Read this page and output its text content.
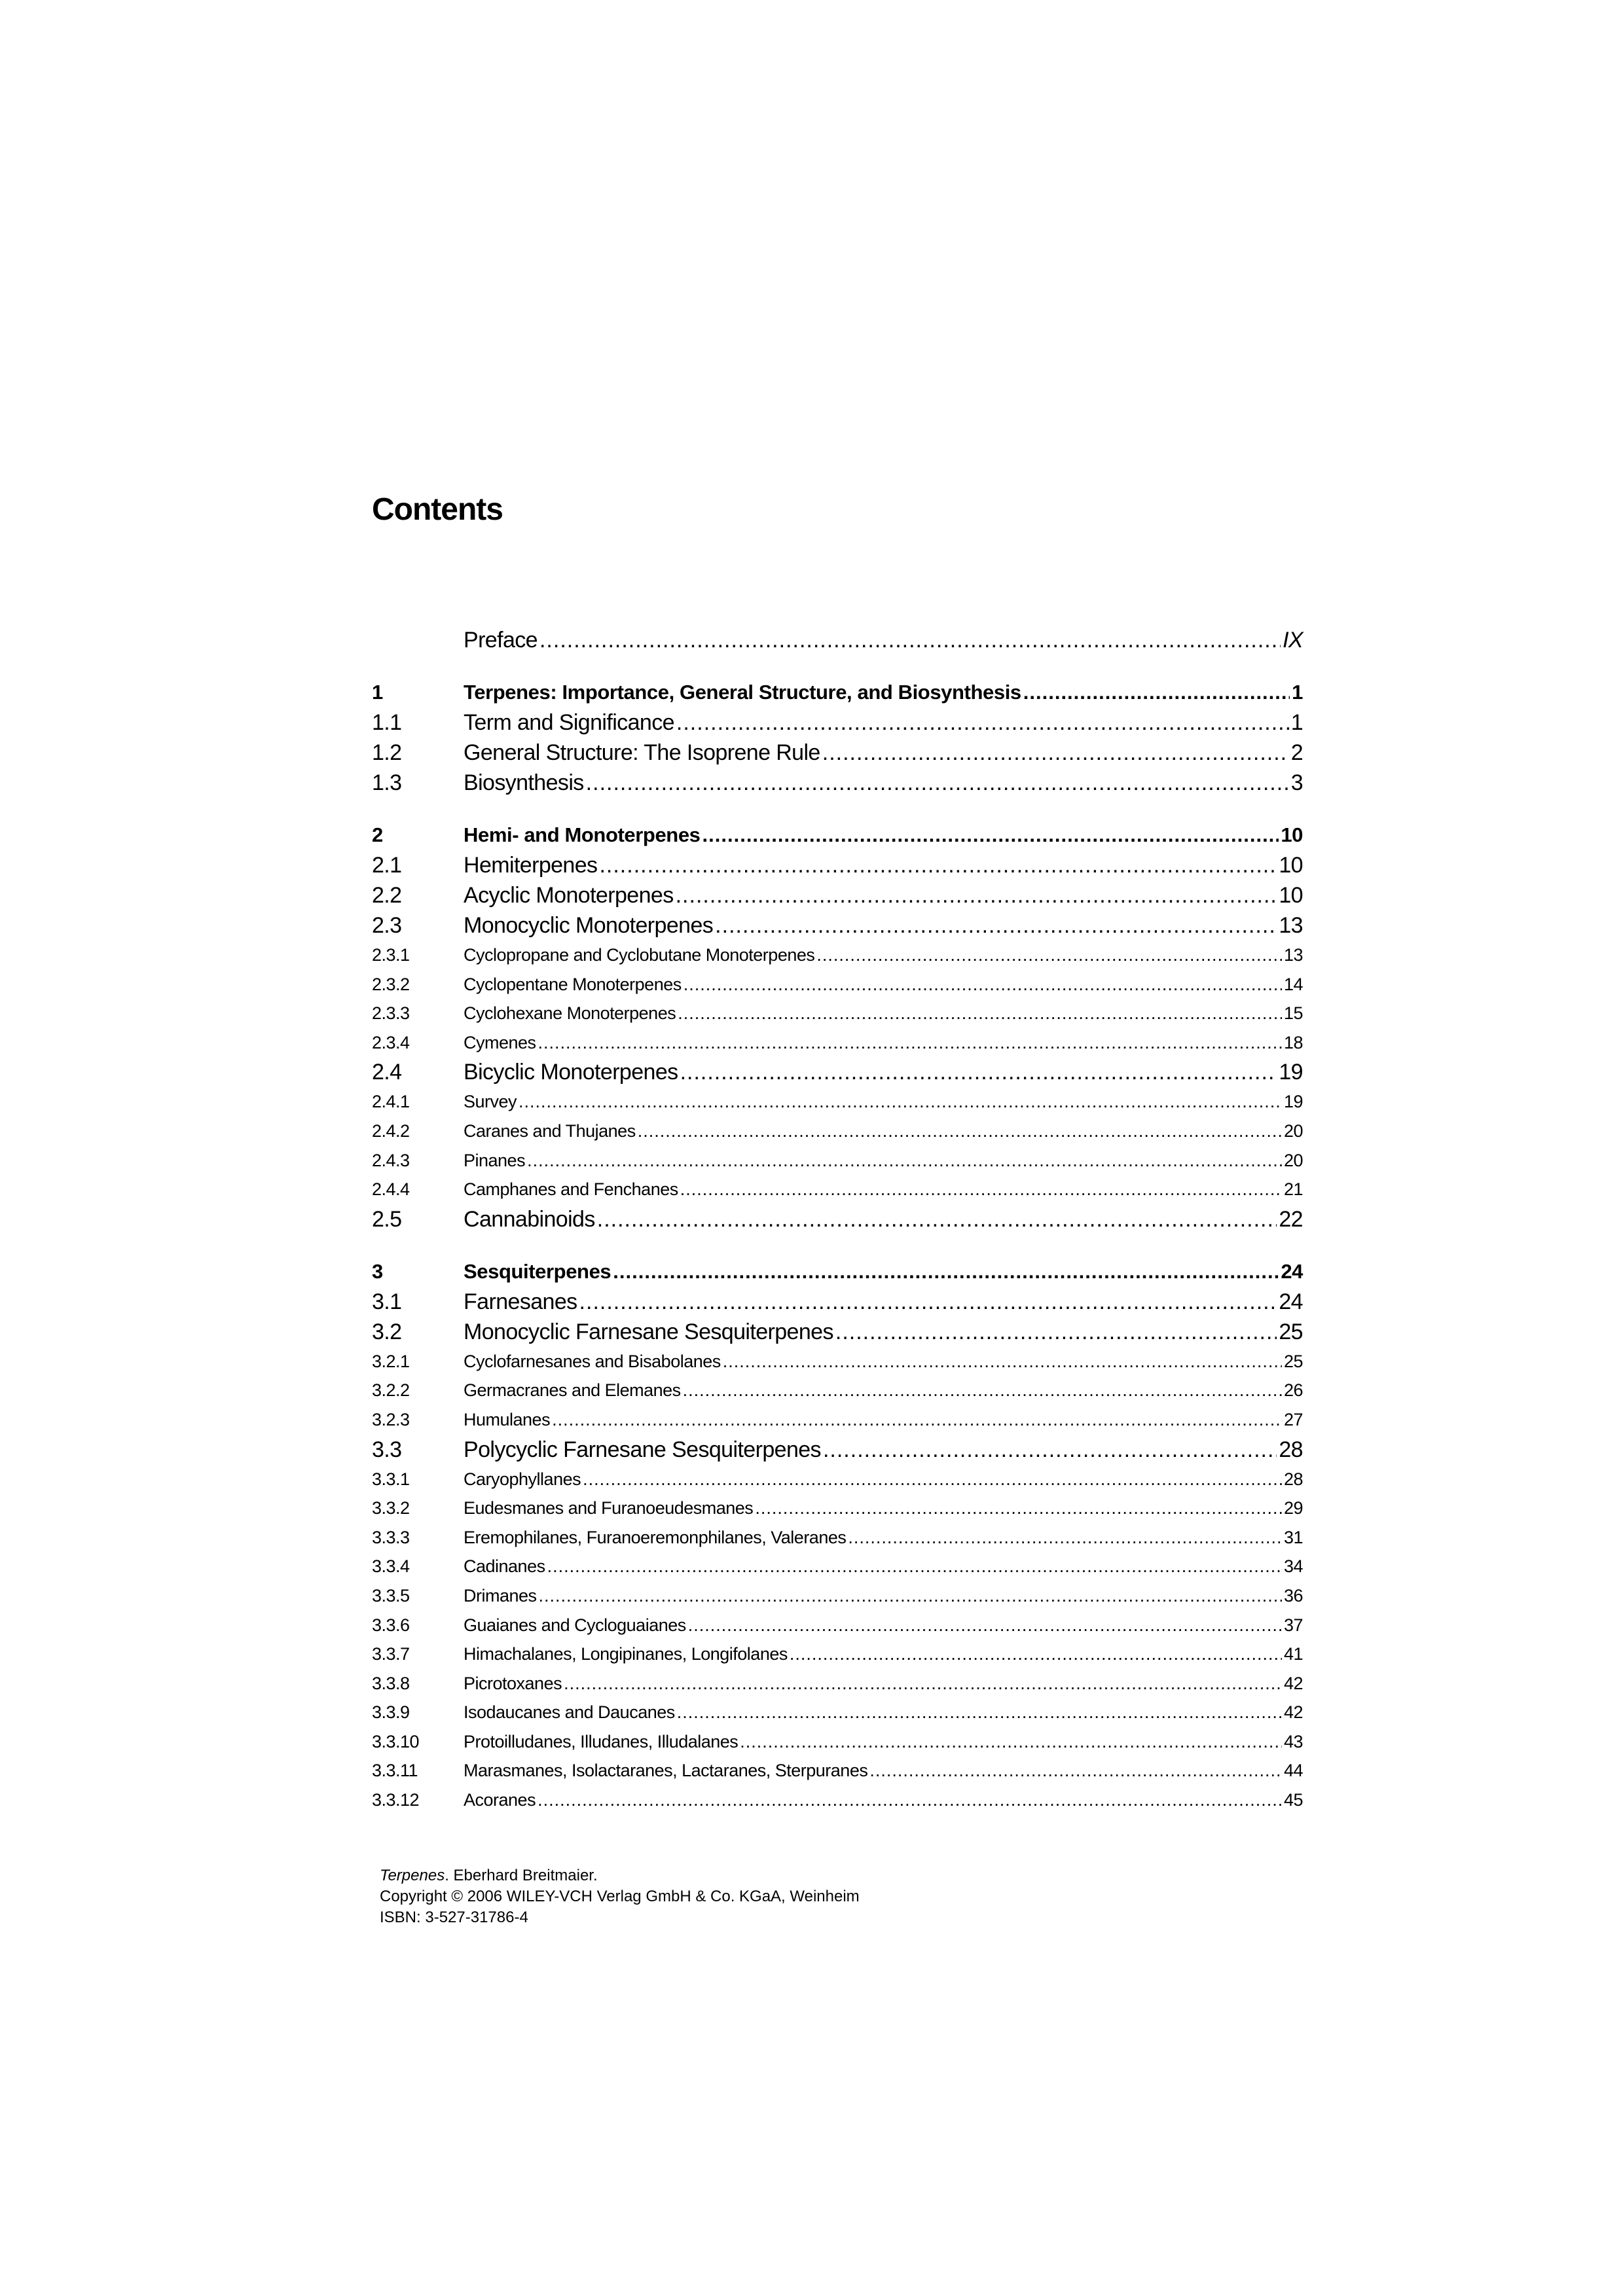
Contents
Preface .....	IX
1	Terpenes: Importance, General Structure, and Biosynthesis .....	1
1.1	Term and Significance .....	1
1.2	General Structure: The Isoprene Rule .....	2
1.3	Biosynthesis .....	3
2	Hemi- and Monoterpenes .....	10
2.1	Hemiterpenes .....	10
2.2	Acyclic Monoterpenes .....	10
2.3	Monocyclic Monoterpenes .....	13
2.3.1	Cyclopropane and Cyclobutane Monoterpenes .....	13
2.3.2	Cyclopentane Monoterpenes .....	14
2.3.3	Cyclohexane Monoterpenes .....	15
2.3.4	Cymenes .....	18
2.4	Bicyclic Monoterpenes .....	19
2.4.1	Survey .....	19
2.4.2	Caranes and Thujanes .....	20
2.4.3	Pinanes .....	20
2.4.4	Camphanes and Fenchanes .....	21
2.5	Cannabinoids .....	22
3	Sesquiterpenes .....	24
3.1	Farnesanes .....	24
3.2	Monocyclic Farnesane Sesquiterpenes .....	25
3.2.1	Cyclofarnesanes and Bisabolanes .....	25
3.2.2	Germacranes and Elemanes .....	26
3.2.3	Humulanes .....	27
3.3	Polycyclic Farnesane Sesquiterpenes .....	28
3.3.1	Caryophyllanes .....	28
3.3.2	Eudesmanes and Furanoeudesmanes .....	29
3.3.3	Eremophilanes, Furanoeremonphilanes, Valeranes .....	31
3.3.4	Cadinanes .....	34
3.3.5	Drimanes .....	36
3.3.6	Guaianes and Cycloguaianes .....	37
3.3.7	Himachalanes, Longipinanes, Longifolanes .....	41
3.3.8	Picrotoxanes .....	42
3.3.9	Isodaucanes and Daucanes .....	42
3.3.10	Protoilludanes, Illudanes, Illudalanes .....	43
3.3.11	Marasmanes, Isolactaranes, Lactaranes, Sterpuranes .....	44
3.3.12	Acoranes .....	45
Terpenes. Eberhard Breitmaier.
Copyright © 2006 WILEY-VCH Verlag GmbH & Co. KGaA, Weinheim
ISBN: 3-527-31786-4
